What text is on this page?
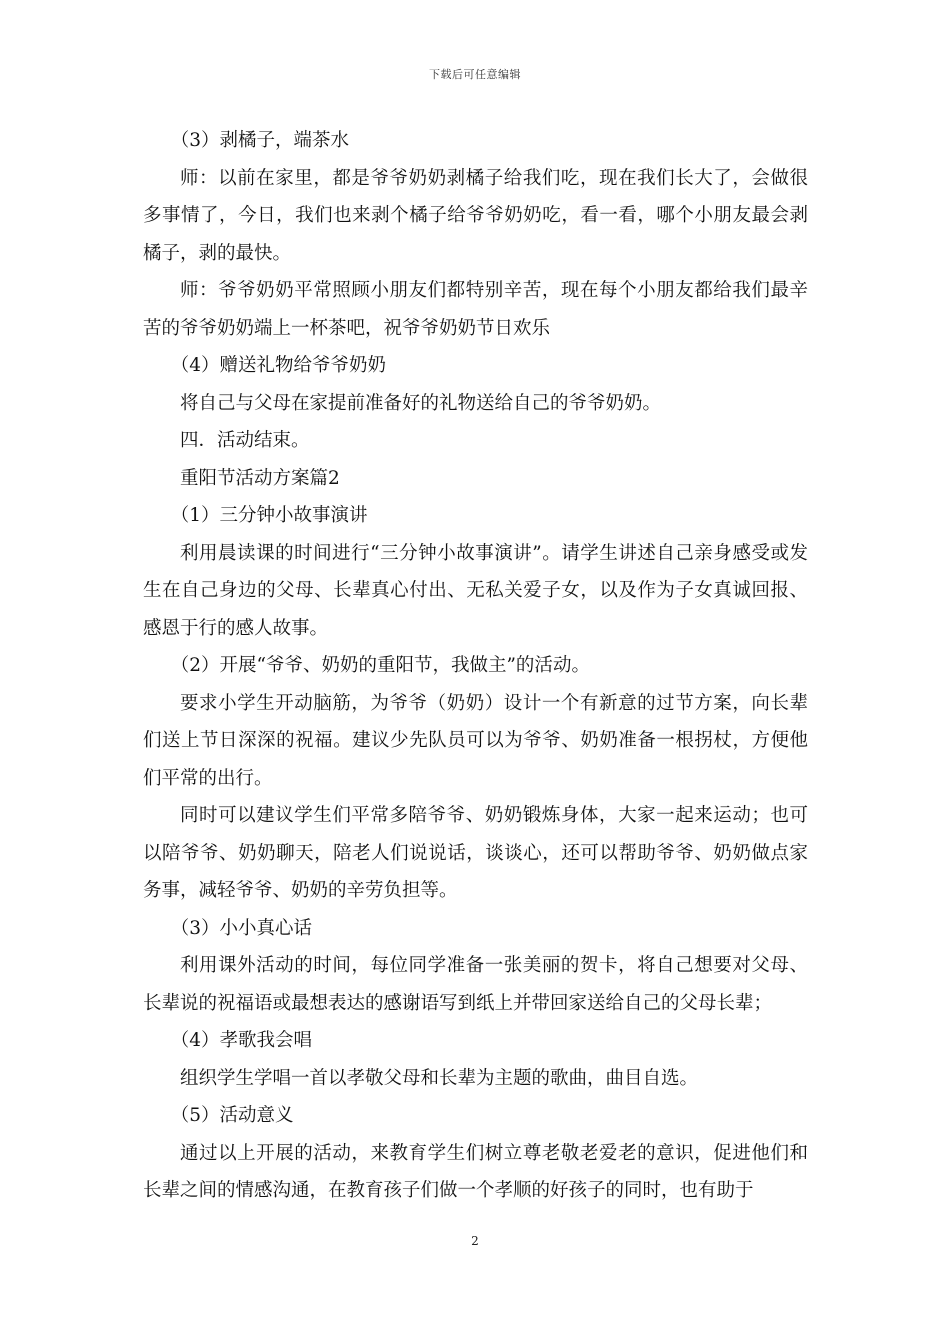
下载后可任意编辑

（3）剥橘子，端茶水

师：以前在家里，都是爷爷奶奶剥橘子给我们吃，现在我们长大了，会做很多事情了，今日，我们也来剥个橘子给爷爷奶奶吃，看一看，哪个小朋友最会剥橘子，剥的最快。

师：爷爷奶奶平常照顾小朋友们都特别辛苦，现在每个小朋友都给我们最辛苦的爷爷奶奶端上一杯茶吧，祝爷爷奶奶节日欢乐

（4）赠送礼物给爷爷奶奶

将自己与父母在家提前准备好的礼物送给自己的爷爷奶奶。

四．活动结束。

重阳节活动方案篇2

（1）三分钟小故事演讲

利用晨读课的时间进行“三分钟小故事演讲”。请学生讲述自己亲身感受或发生在自己身边的父母、长辈真心付出、无私关爱子女，以及作为子女真诚回报、感恩于行的感人故事。

（2）开展“爷爷、奶奶的重阳节，我做主”的活动。

要求小学生开动脑筋，为爷爷（奶奶）设计一个有新意的过节方案，向长辈们送上节日深深的祝福。建议少先队员可以为爷爷、奶奶准备一根拐杖，方便他们平常的出行。

同时可以建议学生们平常多陪爷爷、奶奶锻炼身体，大家一起来运动；也可以陪爷爷、奶奶聊天，陪老人们说说话，谈谈心，还可以帮助爷爷、奶奶做点家务事，减轻爷爷、奶奶的辛劳负担等。

（3）小小真心话

利用课外活动的时间，每位同学准备一张美丽的贺卡，将自己想要对父母、长辈说的祝福语或最想表达的感谢语写到纸上并带回家送给自己的父母长辈；

（4）孝歌我会唱

组织学生学唱一首以孝敬父母和长辈为主题的歌曲，曲目自选。

（5）活动意义

通过以上开展的活动，来教育学生们树立尊老敬老爱老的意识，促进他们和长辈之间的情感沟通，在教育孩子们做一个孝顺的好孩子的同时，也有助于

2
